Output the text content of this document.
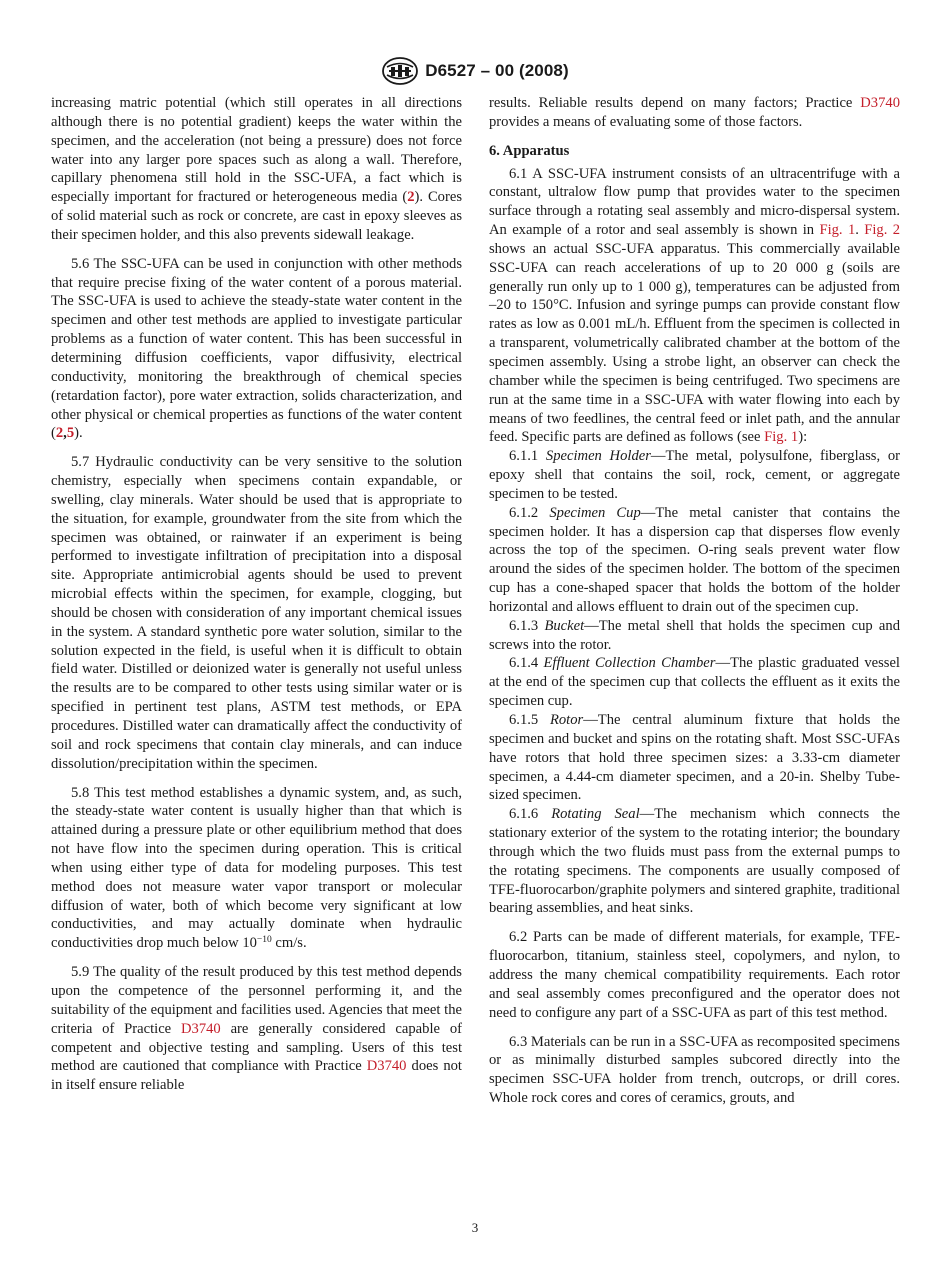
D6527 – 00 (2008)

increasing matric potential (which still operates in all directions although there is no potential gradient) keeps the water within the specimen, and the acceleration (not being a pressure) does not force water into any larger pore spaces such as along a wall. Therefore, capillary phenomena still hold in the SSC-UFA, a fact which is especially important for fractured or heterogeneous media (2). Cores of solid material such as rock or concrete, are cast in epoxy sleeves as their specimen holder, and this also prevents sidewall leakage.

5.6 The SSC-UFA can be used in conjunction with other methods that require precise fixing of the water content of a porous material. The SSC-UFA is used to achieve the steady-state water content in the specimen and other test methods are applied to investigate particular problems as a function of water content. This has been successful in determining diffusion coefficients, vapor diffusivity, electrical conductivity, monitoring the breakthrough of chemical species (retardation factor), pore water extraction, solids characterization, and other physical or chemical properties as functions of the water content (2,5).

5.7 Hydraulic conductivity can be very sensitive to the solution chemistry, especially when specimens contain expandable, or swelling, clay minerals. Water should be used that is appropriate to the situation, for example, groundwater from the site from which the specimen was obtained, or rainwater if an experiment is being performed to investigate infiltration of precipitation into a disposal site. Appropriate antimicrobial agents should be used to prevent microbial effects within the specimen, for example, clogging, but should be chosen with consideration of any important chemical issues in the system. A standard synthetic pore water solution, similar to the solution expected in the field, is useful when it is difficult to obtain field water. Distilled or deionized water is generally not useful unless the results are to be compared to other tests using similar water or is specified in pertinent test plans, ASTM test methods, or EPA procedures. Distilled water can dramatically affect the conductivity of soil and rock specimens that contain clay minerals, and can induce dissolution/precipitation within the specimen.

5.8 This test method establishes a dynamic system, and, as such, the steady-state water content is usually higher than that which is attained during a pressure plate or other equilibrium method that does not have flow into the specimen during operation. This is critical when using either type of data for modeling purposes. This test method does not measure water vapor transport or molecular diffusion of water, both of which become very significant at low conductivities, and may actually dominate when hydraulic conductivities drop much below $10^{-10}$ cm/s.

5.9 The quality of the result produced by this test method depends upon the competence of the personnel performing it, and the suitability of the equipment and facilities used. Agencies that meet the criteria of Practice D3740 are generally considered capable of competent and objective testing and sampling. Users of this test method are cautioned that compliance with Practice D3740 does not in itself ensure reliable

results. Reliable results depend on many factors; Practice D3740 provides a means of evaluating some of those factors.

6. Apparatus

6.1 A SSC-UFA instrument consists of an ultracentrifuge with a constant, ultralow flow pump that provides water to the specimen surface through a rotating seal assembly and micro-dispersal system. An example of a rotor and seal assembly is shown in Fig. 1. Fig. 2 shows an actual SSC-UFA apparatus. This commercially available SSC-UFA can reach accelerations of up to 20 000 g (soils are generally run only up to 1 000 g), temperatures can be adjusted from –20 to 150°C. Infusion and syringe pumps can provide constant flow rates as low as 0.001 mL/h. Effluent from the specimen is collected in a transparent, volumetrically calibrated chamber at the bottom of the specimen assembly. Using a strobe light, an observer can check the chamber while the specimen is being centrifuged. Two specimens are run at the same time in a SSC-UFA with water flowing into each by means of two feedlines, the central feed or inlet path, and the annular feed. Specific parts are defined as follows (see Fig. 1):

6.1.1 Specimen Holder—The metal, polysulfone, fiberglass, or epoxy shell that contains the soil, rock, cement, or aggregate specimen to be tested.

6.1.2 Specimen Cup—The metal canister that contains the specimen holder. It has a dispersion cap that disperses flow evenly across the top of the specimen. O-ring seals prevent water flow around the sides of the specimen holder. The bottom of the specimen cup has a cone-shaped spacer that holds the bottom of the holder horizontal and allows effluent to drain out of the specimen cup.

6.1.3 Bucket—The metal shell that holds the specimen cup and screws into the rotor.

6.1.4 Effluent Collection Chamber—The plastic graduated vessel at the end of the specimen cup that collects the effluent as it exits the specimen cup.

6.1.5 Rotor—The central aluminum fixture that holds the specimen and bucket and spins on the rotating shaft. Most SSC-UFAs have rotors that hold three specimen sizes: a 3.33-cm diameter specimen, a 4.44-cm diameter specimen, and a 20-in. Shelby Tube-sized specimen.

6.1.6 Rotating Seal—The mechanism which connects the stationary exterior of the system to the rotating interior; the boundary through which the two fluids must pass from the external pumps to the rotating specimens. The components are usually composed of TFE-fluorocarbon/graphite polymers and sintered graphite, traditional bearing assemblies, and heat sinks.

6.2 Parts can be made of different materials, for example, TFE-fluorocarbon, titanium, stainless steel, copolymers, and nylon, to address the many chemical compatibility requirements. Each rotor and seal assembly comes preconfigured and the operator does not need to configure any part of a SSC-UFA as part of this test method.

6.3 Materials can be run in a SSC-UFA as recomposited specimens or as minimally disturbed samples subcored directly into the specimen SSC-UFA holder from trench, outcrops, or drill cores. Whole rock cores and cores of ceramics, grouts, and

3
